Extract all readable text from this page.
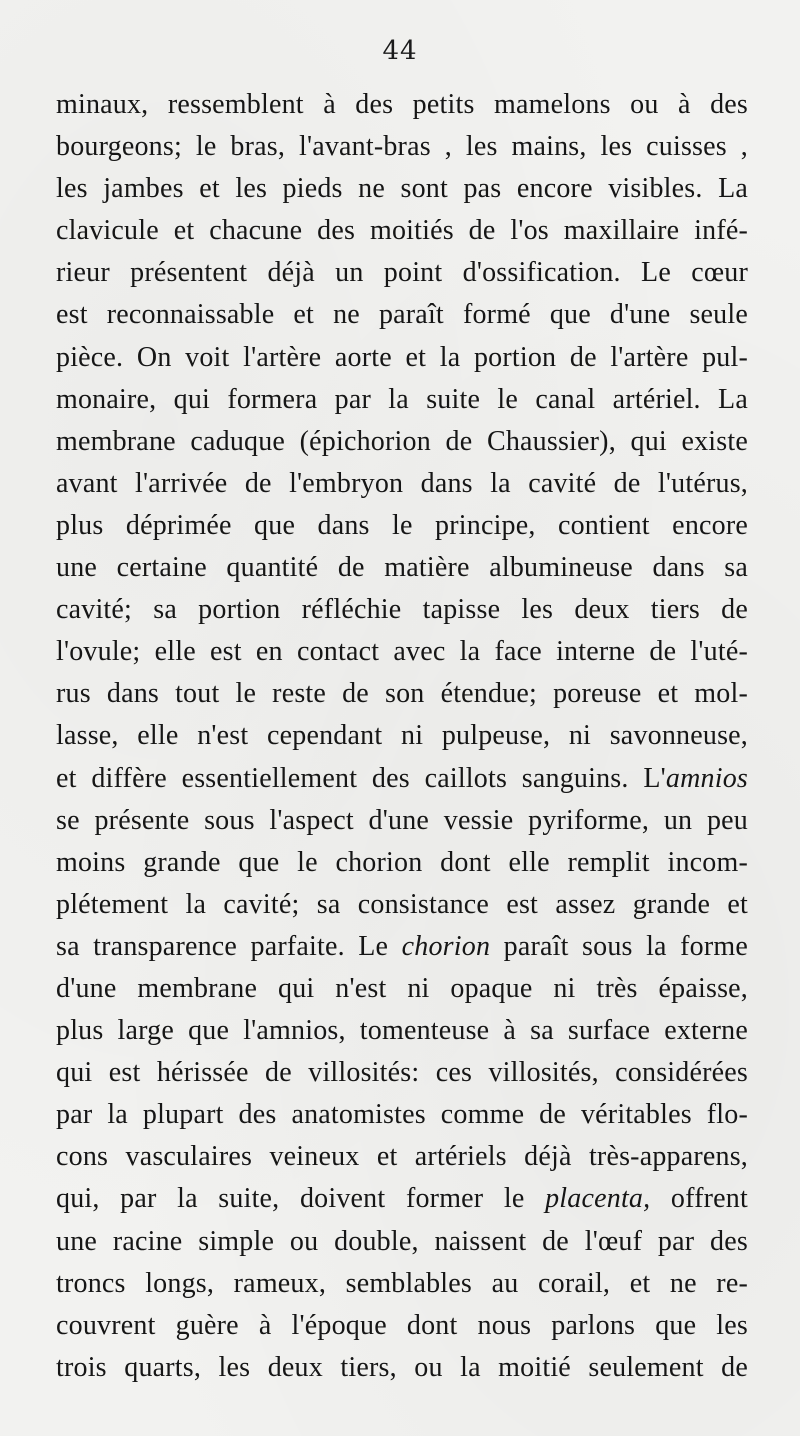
44
minaux, ressemblent à des petits mamelons ou à des
bourgeons; le bras, l'avant-bras , les mains, les cuisses ,
les jambes et les pieds ne sont pas encore visibles. La
clavicule et chacune des moitiés de l'os maxillaire infé-
rieur présentent déjà un point d'ossification. Le cœur
est reconnaissable et ne paraît formé que d'une seule
pièce. On voit l'artère aorte et la portion de l'artère pul-
monaire, qui formera par la suite le canal artériel. La
membrane caduque (épichorion de Chaussier), qui existe
avant l'arrivée de l'embryon dans la cavité de l'utérus,
plus déprimée que dans le principe, contient encore
une certaine quantité de matière albumineuse dans sa
cavité; sa portion réfléchie tapisse les deux tiers de
l'ovule; elle est en contact avec la face interne de l'uté-
rus dans tout le reste de son étendue; poreuse et mol-
lasse, elle n'est cependant ni pulpeuse, ni savonneuse,
et diffère essentiellement des caillots sanguins. L'amnios
se présente sous l'aspect d'une vessie pyriforme, un peu
moins grande que le chorion dont elle remplit incom-
plétement la cavité; sa consistance est assez grande et
sa transparence parfaite. Le chorion paraît sous la forme
d'une membrane qui n'est ni opaque ni très épaisse,
plus large que l'amnios, tomenteuse à sa surface externe
qui est hérissée de villosités: ces villosités, considérées
par la plupart des anatomistes comme de véritables flo-
cons vasculaires veineux et artériels déjà très-apparens,
qui, par la suite, doivent former le placenta, offrent
une racine simple ou double, naissent de l'œuf par des
troncs longs, rameux, semblables au corail, et ne re-
couvrent guère à l'époque dont nous parlons que les
trois quarts, les deux tiers, ou la moitié seulement de
